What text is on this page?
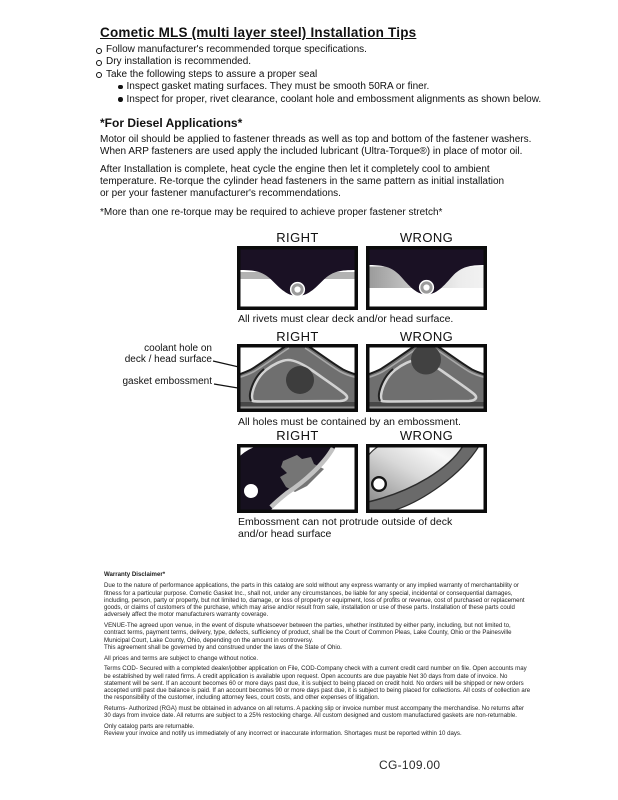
Cometic MLS (multi layer steel) Installation Tips
Follow manufacturer's recommended torque specifications.
Dry installation is recommended.
Take the following steps to assure a proper seal
Inspect gasket mating surfaces. They must be smooth 50RA or finer.
Inspect for proper, rivet clearance, coolant hole and embossment alignments as shown below.
*For Diesel Applications*
Motor oil should be applied to fastener threads as well as top and bottom of the fastener washers.
When ARP fasteners are used apply the included lubricant (Ultra-Torque®) in place of motor oil.
After Installation is complete, heat cycle the engine then let it completely cool to ambient
temperature. Re-torque the cylinder head fasteners in the same pattern as initial installation
or per your fastener manufacturer's recommendations.
*More than one re-torque may be required to achieve proper fastener stretch*
RIGHT	WRONG
All rivets must clear deck and/or head surface.
RIGHT	WRONG
coolant hole on
deck / head surface
gasket embossment
All holes must be contained by an embossment.
RIGHT	WRONG
Embossment can not protrude outside of deck
and/or head surface

Warranty Disclaimer*

Due to the nature of performance applications, the parts in this catalog are sold without any express warranty or any implied warranty of merchantability or fitness for a particular purpose. Cometic Gasket Inc., shall not, under any circumstances, be liable for any special, incidental or consequential damages, including, person, party or property, but not limited to, damage, or loss of property or equipment, loss of profits or revenue, cost of purchased or replacement goods, or claims of customers of the purchase, which may arise and/or result from sale, installation or use of these parts. Installation of these parts could adversely affect the motor manufacturers warranty coverage.

VENUE-The agreed upon venue, in the event of dispute whatsoever between the parties, whether instituted by either party, including, but not limited to, contract terms, payment terms, delivery, type, defects, sufficiency of product, shall be the Court of Common Pleas, Lake County, Ohio or the Painesville Municipal Court, Lake County, Ohio, depending on the amount in controversy.

This agreement shall be governed by and construed under the laws of the State of Ohio.

All prices and terms are subject to change without notice.

Terms COD- Secured with a completed dealer/jobber application on File, COD-Company check with a current credit card number on file. Open accounts may be established by well rated firms. A credit application is available upon request. Open accounts are due payable Net 30 days from date of invoice. No statement will be sent. If an account becomes 60 or more days past due, it is subject to being placed on credit hold. No orders will be shipped or new orders accepted until past due balance is paid. If an account becomes 90 or more days past due, it is subject to being placed for collections. All costs of collection are the responsibility of the customer, including attorney fees, court costs, and other expenses of litigation.

Returns- Authorized (RGA) must be obtained in advance on all returns. A packing slip or invoice number must accompany the merchandise. No returns after 30 days from invoice date. All returns are subject to a 25% restocking charge. All custom designed and custom manufactured gaskets are non-returnable.

Only catalog parts are returnable.

Review your invoice and notify us immediately of any incorrect or inaccurate information. Shortages must be reported within 10 days.

CG-109.00
